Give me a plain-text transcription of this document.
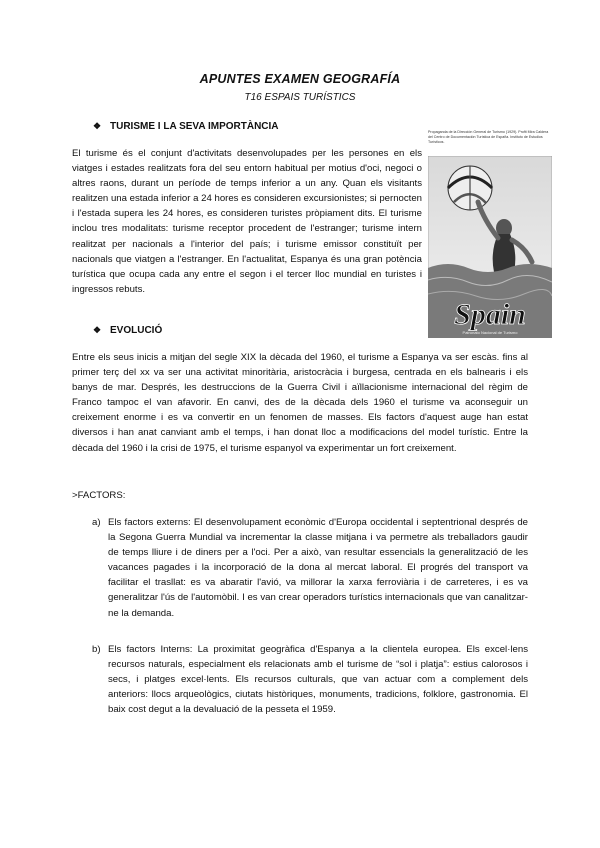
APUNTES EXAMEN GEOGRAFÍA
T16 ESPAIS TURÍSTICS
❖ TURISME I LA SEVA IMPORTÀNCIA

El turisme és el conjunt d'activitats desenvolupades per les persones en els viatges i estades realitzats fora del seu entorn habitual per motius d'oci, negoci o altres raons, durant un període de temps inferior a un any. Quan els visitants realitzen una estada inferior a 24 hores es consideren excursionistes; si pernocten i l'estada supera les 24 hores, es consideren turistes pròpiament dits. El turisme inclou tres modalitats: turisme receptor procedent de l'estranger; turisme intern realitzat per nacionals a l'interior del país; i turisme emissor constituït per nacionals que viatgen a l'estranger. En l'actualitat, Espanya és una gran potència turística que ocupa cada any entre el segon i el tercer lloc mundial en turistes i ingressos rebuts.

Propaganda de la Dirección General de Turismo (1929). Profit Mira Caldera del Centro de Documentación Turística de España. Instituto de Estudios Turísticos.

Spain
Patronato Nacional de Turismo
❖ EVOLUCIÓ

Entre els seus inicis a mitjan del segle XIX la dècada del 1960, el turisme a Espanya va ser escàs. fins al primer terç del xx va ser una activitat minoritària, aristocràcia i burgesa, centrada en els balnearis i els banys de mar. Després, les destruccions de la Guerra Civil i aïllacionisme internacional del règim de Franco tampoc el van afavorir. En canvi, des de la dècada dels 1960 el turisme va aconseguir un creixement enorme i es va convertir en un fenomen de masses. Els factors d'aquest auge han estat diversos i han anat canviant amb el temps, i han donat lloc a modificacions del model turístic. Entre la dècada del 1960 i la crisi de 1975, el turisme espanyol va experimentar un fort creixement.

>FACTORS:
a) Els factors externs: El desenvolupament econòmic d'Europa occidental i septentrional després de la Segona Guerra Mundial va incrementar la classe mitjana i va permetre als treballadors gaudir de temps lliure i de diners per a l'oci. Per a això, van resultar essencials la generalització de les vacances pagades i la incorporació de la dona al mercat laboral. El progrés del transport va facilitar el trasllat: es va abaratir l'avió, va millorar la xarxa ferroviària i de carreteres, i es va generalitzar l'ús de l'automòbil. I es van crear operadors turístics internacionals que van canalitzar-ne la demanda.

b) Els factors Interns: La proximitat geogràfica d'Espanya a la clientela europea. Els excel·lens recursos naturals, especialment els relacionats amb el turisme de “sol i platja”: estius calorosos i secs, i platges excel·lents. Els recursos culturals, que van actuar com a complement dels anteriors: llocs arqueològics, ciutats històriques, monuments, tradicions, folklore, gastronomia. El baix cost degut a la devaluació de la pesseta el 1959.
